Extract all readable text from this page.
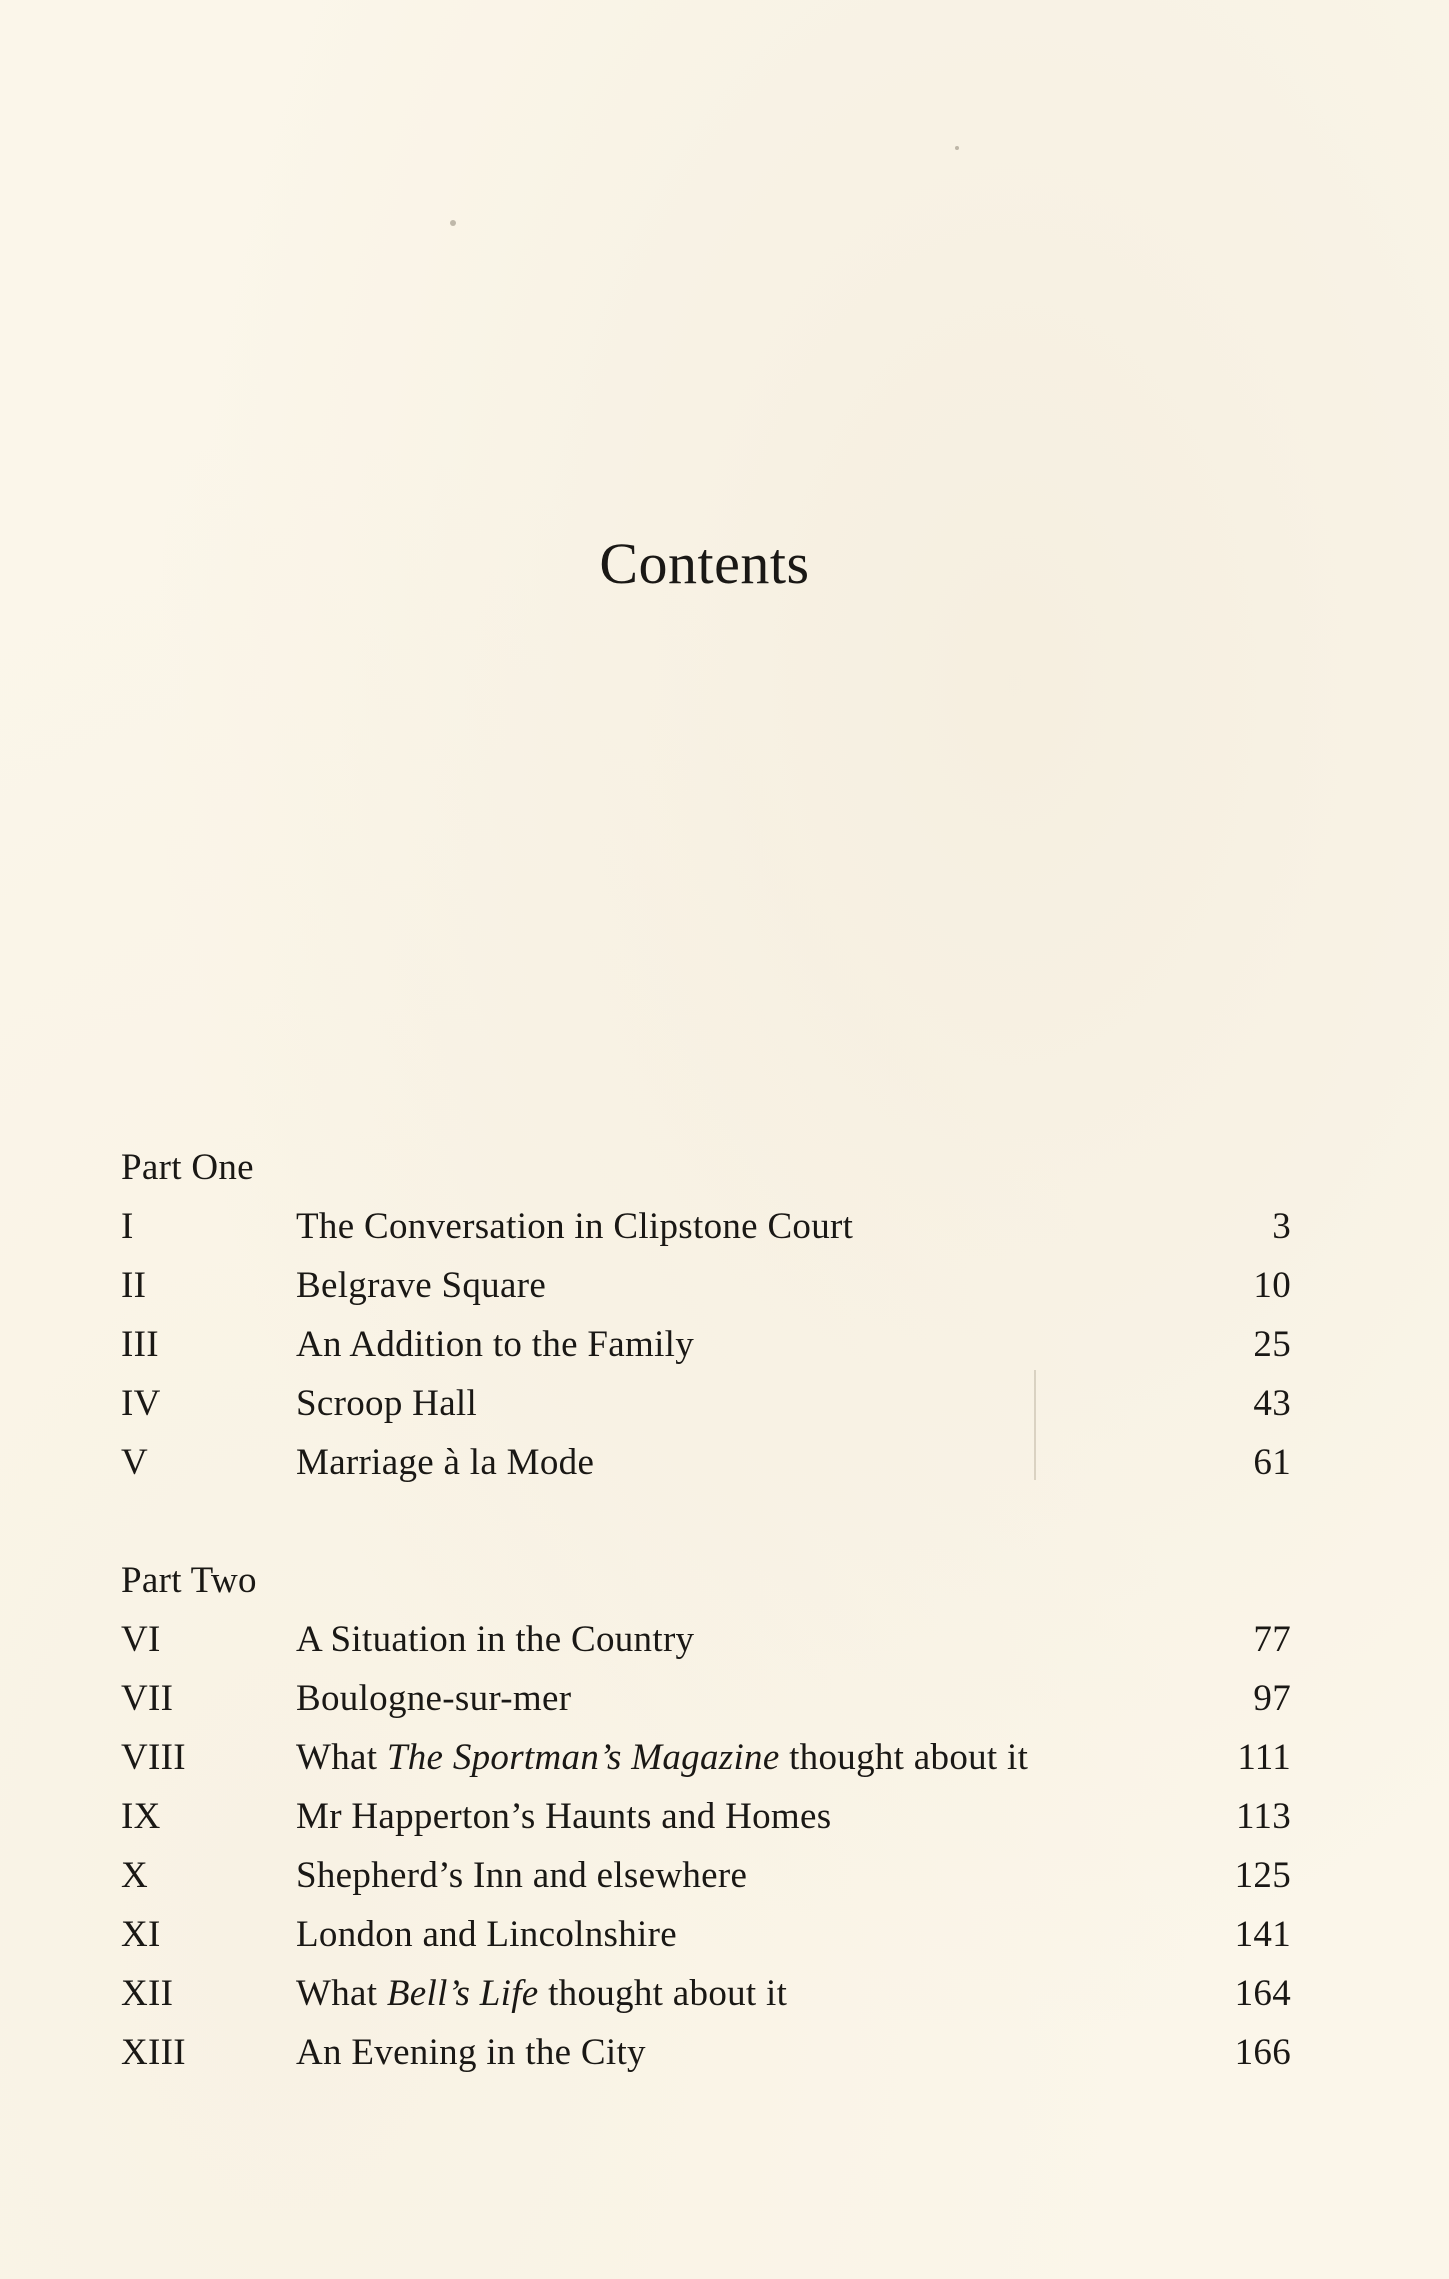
Contents
Part One
I	The Conversation in Clipstone Court	3
II	Belgrave Square	10
III	An Addition to the Family	25
IV	Scroop Hall	43
V	Marriage à la Mode	61
Part Two
VI	A Situation in the Country	77
VII	Boulogne-sur-mer	97
VIII	What The Sportman’s Magazine thought about it	111
IX	Mr Happerton’s Haunts and Homes	113
X	Shepherd’s Inn and elsewhere	125
XI	London and Lincolnshire	141
XII	What Bell’s Life thought about it	164
XIII	An Evening in the City	166
